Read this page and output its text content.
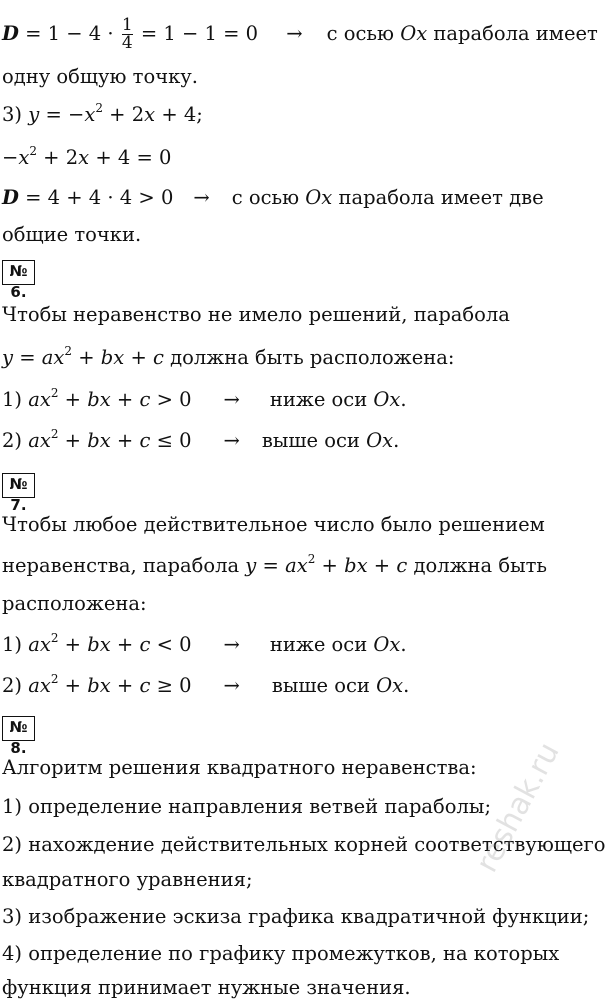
$D = 1 - 4 \cdot \frac{1}{4} = 1 - 1 = 0 \to с$ осью Ox парабола имеет
одну общую точку.
3) $y = -x^2 + 2x + 4$;
$-x^2 + 2x + 4 = 0$
D = 4 + 4 · 4 > 0 → с осью Ox парабола имеет две
общие точки.
№ 6.
Чтобы неравенство не имело решений, парабола
$y = ax^2$ + bx + c должна быть расположена:
1) $ax^2$ + bx + c > 0 → ниже оси Ox.
2) $ax^2$ + bx + c ≤ 0 → выше оси Ox.
№ 7.
Чтобы любое действительное число было решением
неравенства, парабола $y = ax^2$ + bx + c должна быть
расположена:
1) $ax^2$ + bx + c < 0 → ниже оси Ox.
2) $ax^2$ + bx + c ≥ 0 → выше оси Ox.
№ 8.
Алгоритм решения квадратного неравенства:
1) определение направления ветвей параболы;
2) нахождение действительных корней соответствующего
квадратного уравнения;
3) изображение эскиза графика квадратичной функции;
4) определение по графику промежутков, на которых
функция принимает нужные значения.
reshak.ru
